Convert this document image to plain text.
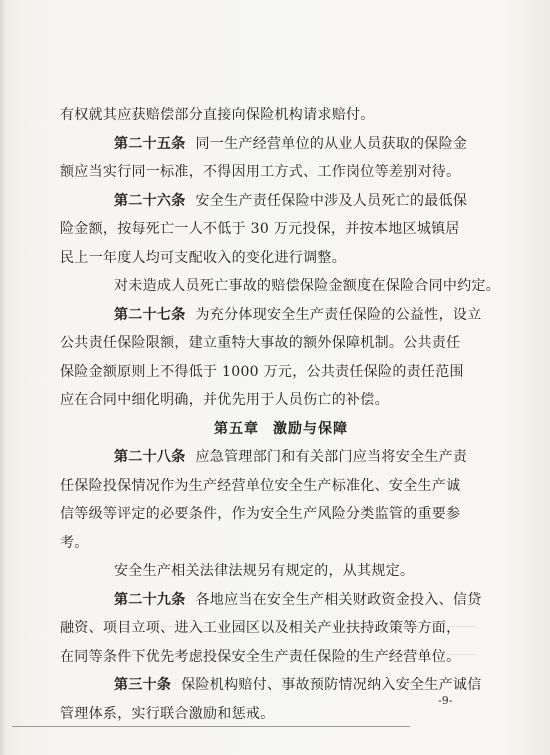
有权就其应获赔偿部分直接向保险机构请求赔付。
第二十五条 同一生产经营单位的从业人员获取的保险金
额应当实行同一标准，不得因用工方式、工作岗位等差别对待。
第二十六条 安全生产责任保险中涉及人员死亡的最低保
险金额，按每死亡一人不低于 30 万元投保，并按本地区城镇居
民上一年度人均可支配收入的变化进行调整。
对未造成人员死亡事故的赔偿保险金额度在保险合同中约定。
第二十七条 为充分体现安全生产责任保险的公益性，设立
公共责任保险限额，建立重特大事故的额外保障机制。公共责任
保险金额原则上不得低于 1000 万元，公共责任保险的责任范围
应在合同中细化明确，并优先用于人员伤亡的补偿。
第五章 激励与保障
第二十八条 应急管理部门和有关部门应当将安全生产责
任保险投保情况作为生产经营单位安全生产标准化、安全生产诚
信等级等评定的必要条件，作为安全生产风险分类监管的重要参
考。
安全生产相关法律法规另有规定的，从其规定。
第二十九条 各地应当在安全生产相关财政资金投入、信贷
融资、项目立项、进入工业园区以及相关产业扶持政策等方面，
在同等条件下优先考虑投保安全生产责任保险的生产经营单位。
第三十条 保险机构赔付、事故预防情况纳入安全生产诚信
管理体系，实行联合激励和惩戒。
-9-
